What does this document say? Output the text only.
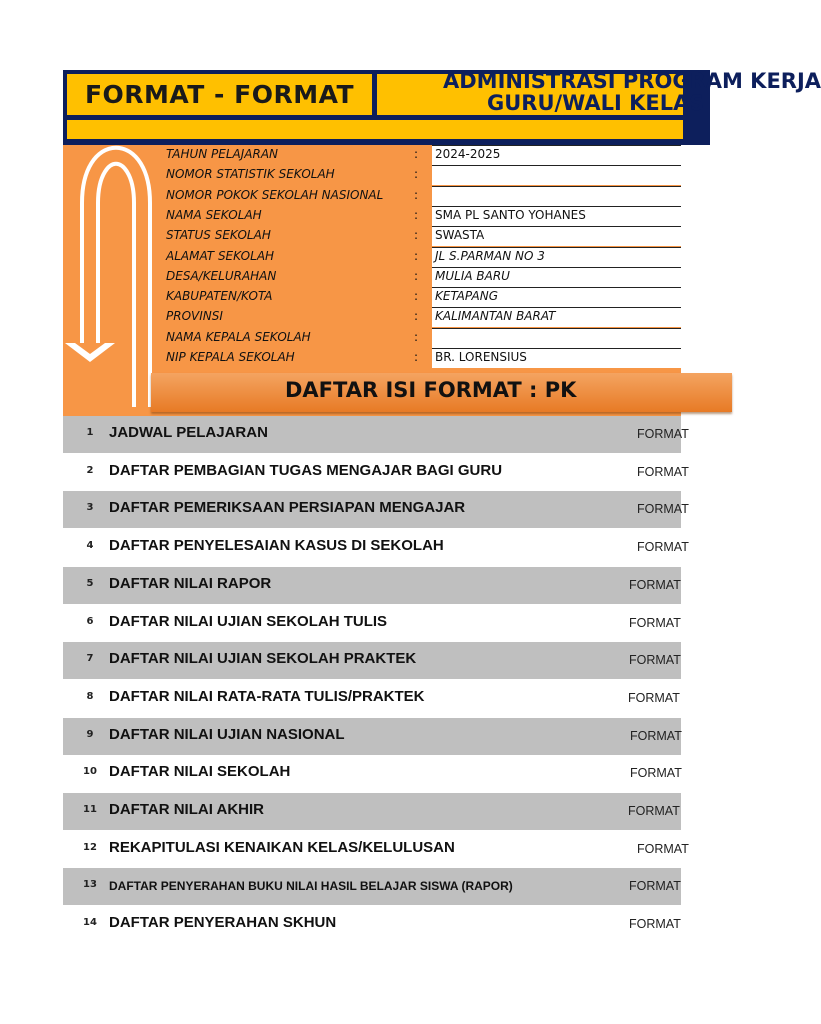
FORMAT - FORMAT	ADMINISTRASI PROGRAM KERJA
GURU/WALI KELAS
TAHUN PELAJARAN	: 2024-2025
NOMOR STATISTIK SEKOLAH	:
NOMOR POKOK SEKOLAH NASIONAL	:
NAMA SEKOLAH	: SMA PL SANTO YOHANES
STATUS SEKOLAH	: SWASTA
ALAMAT SEKOLAH	: JL S.PARMAN NO 3
DESA/KELURAHAN	: MULIA BARU
KABUPATEN/KOTA	: KETAPANG
PROVINSI	: KALIMANTAN BARAT
NAMA KEPALA SEKOLAH	:
NIP KEPALA SEKOLAH	: BR. LORENSIUS
DAFTAR ISI FORMAT : PK
1	JADWAL PELAJARAN	FORMAT
2	DAFTAR PEMBAGIAN TUGAS MENGAJAR BAGI GURU	FORMAT
3	DAFTAR PEMERIKSAAN PERSIAPAN MENGAJAR	FORMAT
4	DAFTAR PENYELESAIAN KASUS DI SEKOLAH	FORMAT
5	DAFTAR NILAI RAPOR	FORMAT
6	DAFTAR NILAI UJIAN SEKOLAH TULIS	FORMAT
7	DAFTAR NILAI UJIAN SEKOLAH PRAKTEK	FORMAT
8	DAFTAR NILAI RATA-RATA TULIS/PRAKTEK	FORMAT
9	DAFTAR NILAI UJIAN NASIONAL	FORMAT
10 DAFTAR NILAI SEKOLAH	FORMAT
11 DAFTAR NILAI AKHIR	FORMAT
12 REKAPITULASI KENAIKAN KELAS/KELULUSAN	FORMAT
13	DAFTAR PENYERAHAN BUKU NILAI HASIL BELAJAR SISWA (RAPOR)	FORMAT
14 DAFTAR PENYERAHAN SKHUN	FORMAT
